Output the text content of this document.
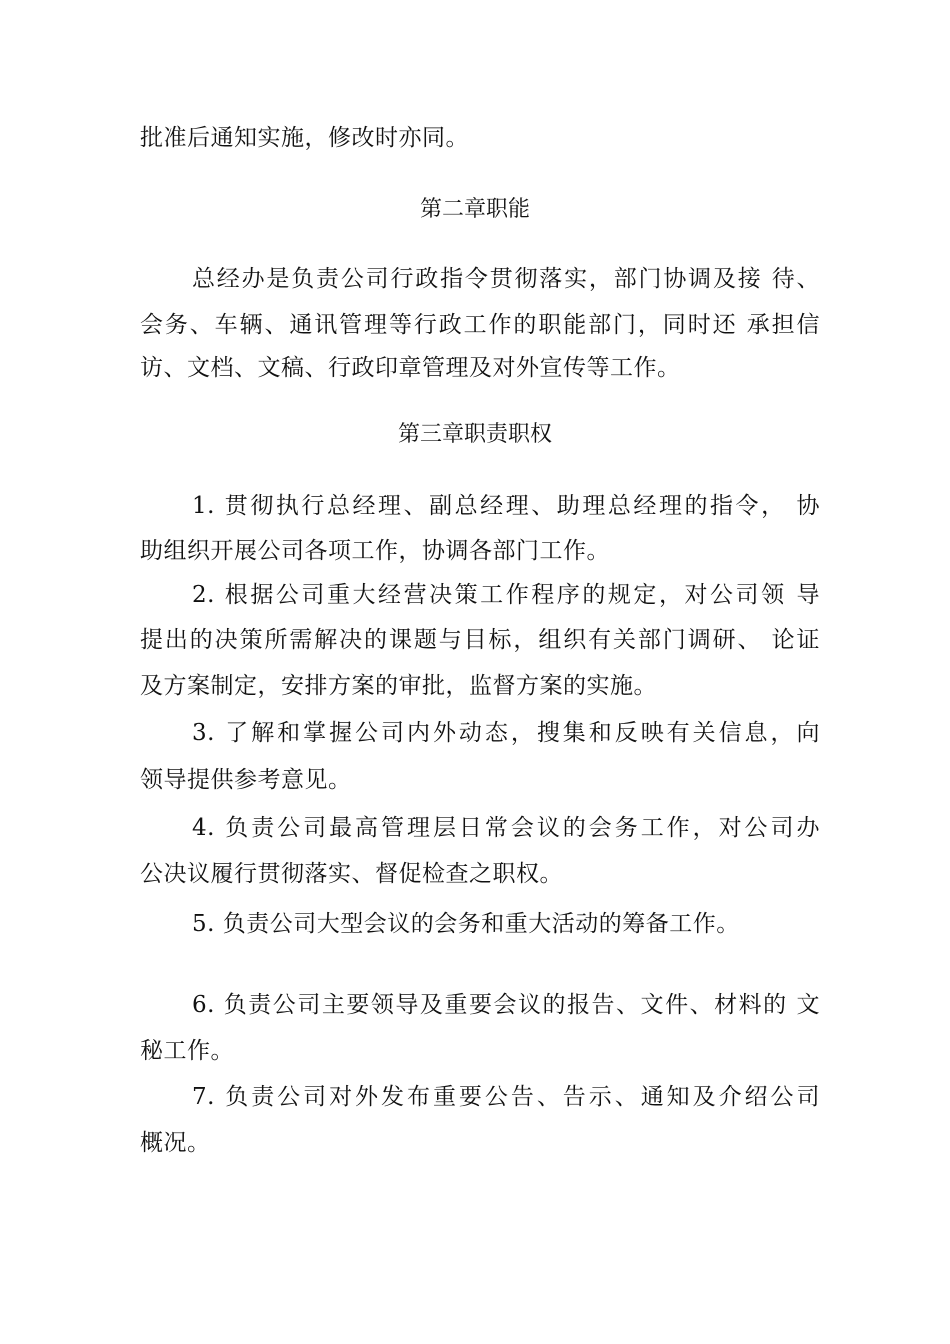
批准后通知实施，修改时亦同。
第二章职能
总经办是负责公司行政指令贯彻落实，部门协调及接 待、
会务、车辆、通讯管理等行政工作的职能部门，同时还 承担信
访、文档、文稿、行政印章管理及对外宣传等工作。
第三章职责职权
1. 贯彻执行总经理、副总经理、助理总经理的指令， 协
助组织开展公司各项工作，协调各部门工作。
2. 根据公司重大经营决策工作程序的规定，对公司领 导
提出的决策所需解决的课题与目标，组织有关部门调研、 论证
及方案制定，安排方案的审批，监督方案的实施。
3. 了解和掌握公司内外动态，搜集和反映有关信息，向
领导提供参考意见。
4. 负责公司最高管理层日常会议的会务工作，对公司办
公决议履行贯彻落实、督促检查之职权。
5. 负责公司大型会议的会务和重大活动的筹备工作。
6. 负责公司主要领导及重要会议的报告、文件、材料的 文
秘工作。
7. 负责公司对外发布重要公告、告示、通知及介绍公司
概况。
